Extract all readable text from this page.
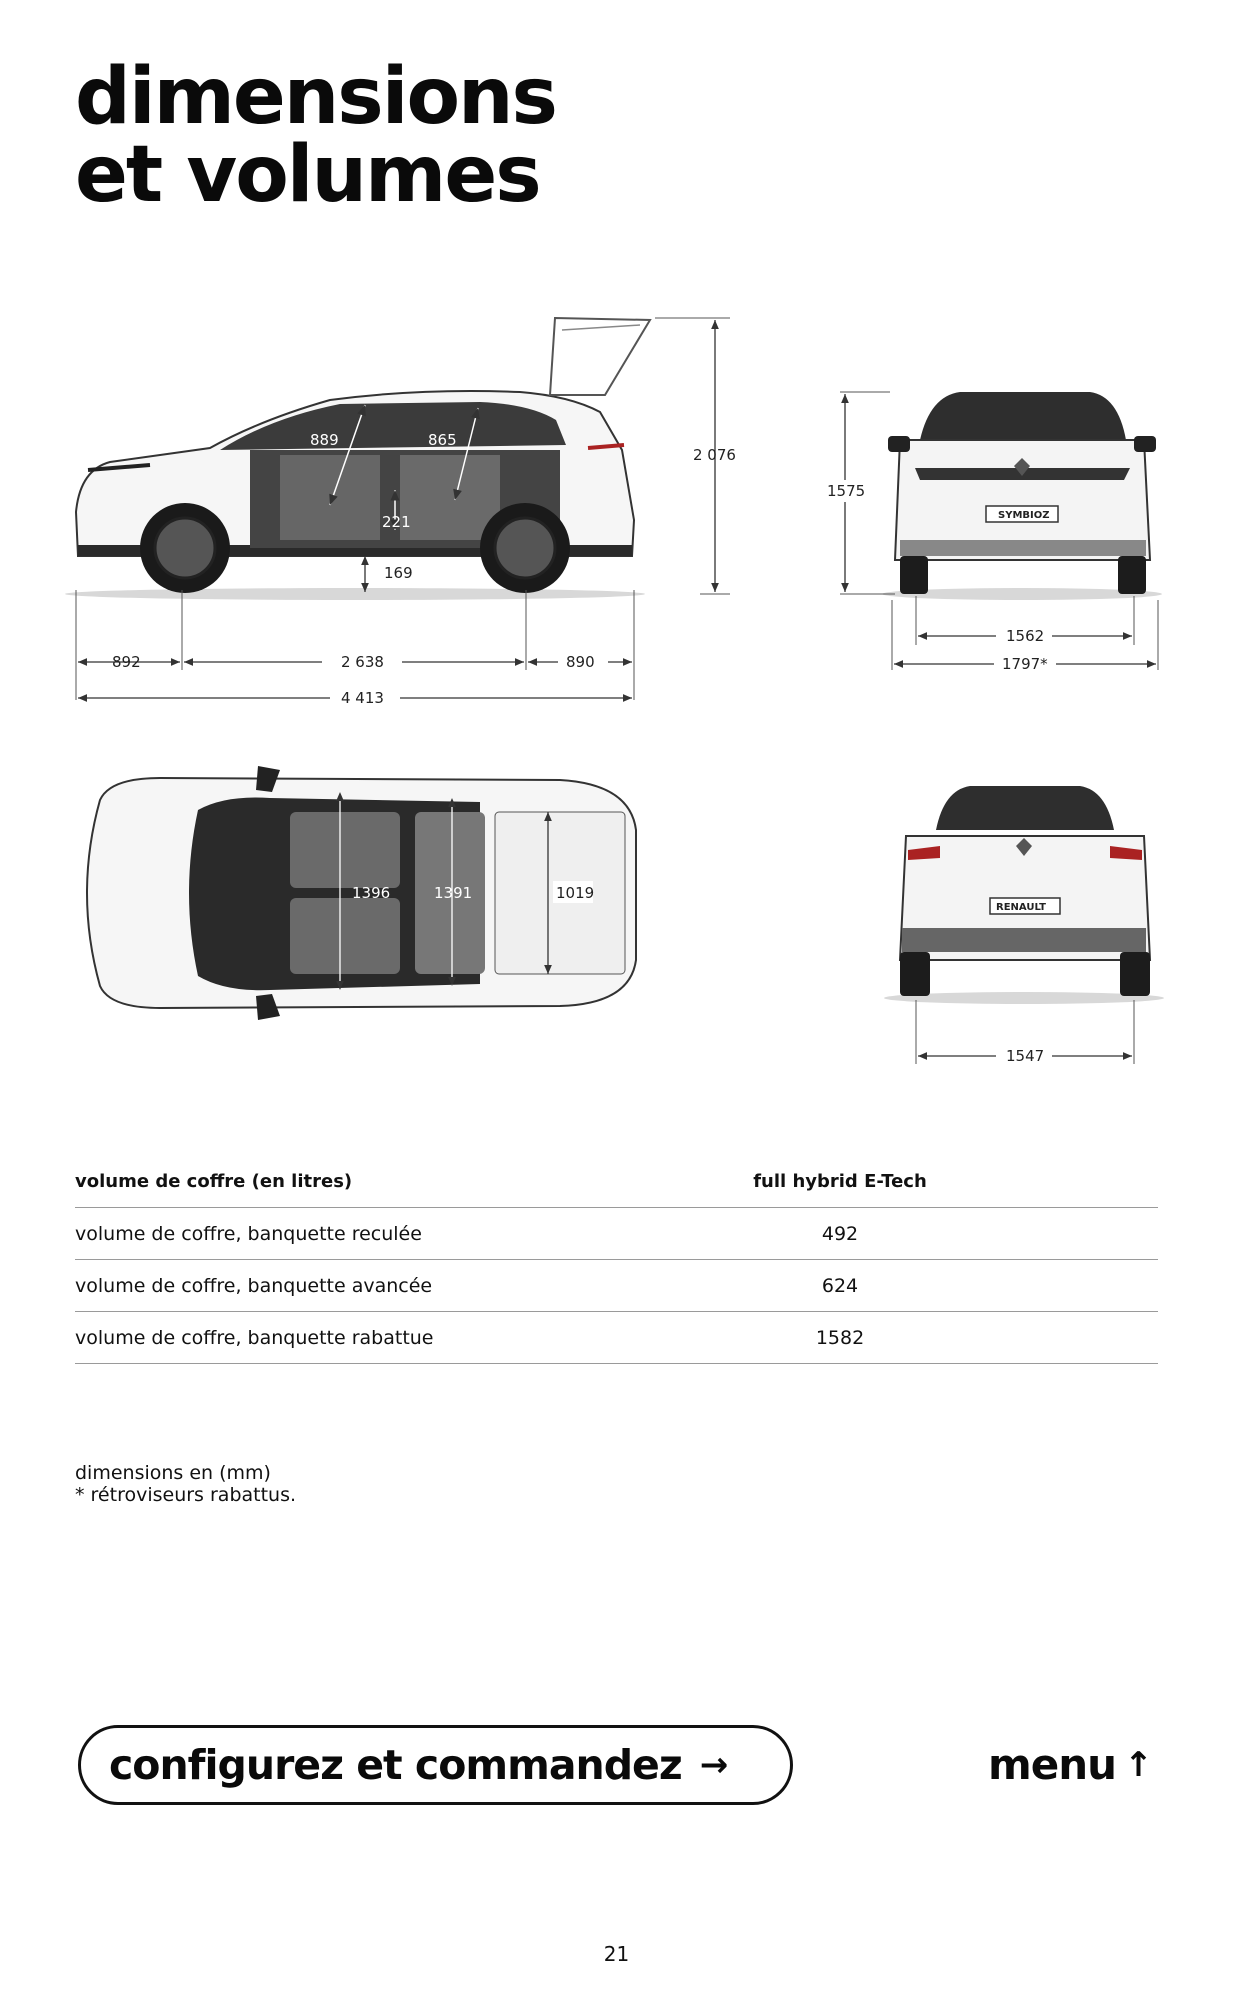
dimensions
et volumes
889	865
221
169
2 076
892	2 638	890
4 413
SYMBIOZ
1575
1562
1797*
1396	1391	1019
RENAULT
1547
volume de coffre (en litres)	full hybrid E-Tech
volume de coffre, banquette reculée	492
volume de coffre, banquette avancée	624
volume de coffre, banquette rabattue	1582
dimensions en (mm)
* rétroviseurs rabattus.
configurez et commandez →	menu ↑
21
